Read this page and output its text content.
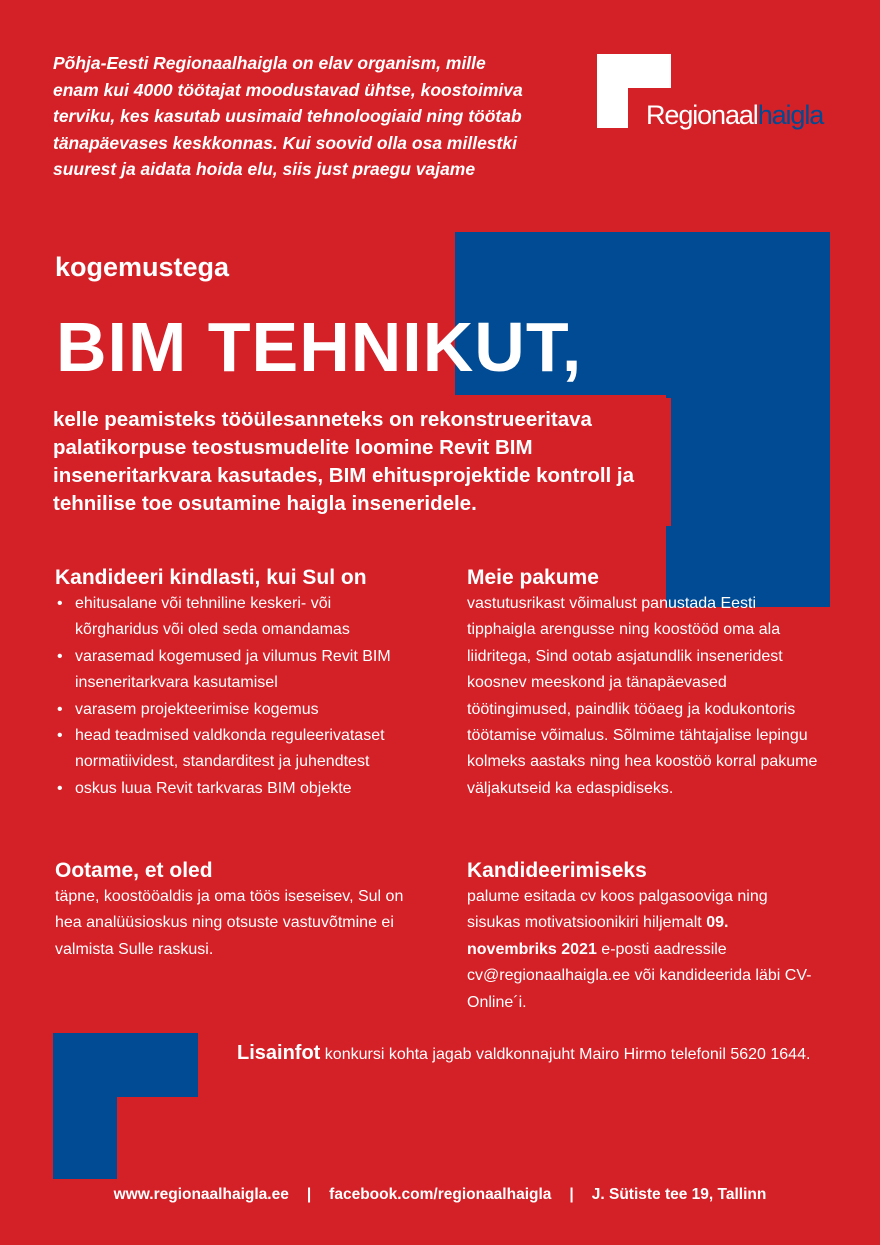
Põhja-Eesti Regionaalhaigla on elav organism, mille enam kui 4000 töötajat moodustavad ühtse, koostoimiva terviku, kes kasutab uusimaid tehnoloogiaid ning töötab tänapäevases keskkonnas. Kui soovid olla osa millestki suurest ja aidata hoida elu, siis just praegu vajame
Regionaalhaigla
kogemustega
BIM TEHNIKUT,
kelle peamisteks tööülesanneteks on rekonstrueeritava palatikorpuse teostusmudelite loomine Revit BIM inseneritarkvara kasutades, BIM ehitusprojektide kontroll ja tehnilise toe osutamine haigla inseneridele.
Kandideeri kindlasti, kui Sul on
• ehitusalane või tehniline keskeri- või kõrgharidus või oled seda omandamas
• varasemad kogemused ja vilumus Revit BIM inseneritarkvara kasutamisel
• varasem projekteerimise kogemus
• head teadmised valdkonda reguleerivataset normatiividest, standarditest ja juhendtest
• oskus luua Revit tarkvaras BIM objekte
Meie pakume

vastutusrikast võimalust panustada Eesti tipphaigla arengusse ning koostööd oma ala liidritega, Sind ootab asjatundlik inseneridest koosnev meeskond ja tänapäevased töötingimused, paindlik tööaeg ja kodukontoris töötamise võimalus. Sõlmime tähtajalise lepingu kolmeks aastaks ning hea koostöö korral pakume väljakutseid ka edaspidiseks.

Ootame, et oled

täpne, koostööaldis ja oma töös iseseisev, Sul on hea analüüsioskus ning otsuste vastuvõtmine ei valmista Sulle raskusi.

Kandideerimiseks

palume esitada cv koos palgasooviga ning sisukas motivatsioonikiri hiljemalt 09. novembriks 2021 e-posti aadressile cv@regionaalhaigla.ee või kandideerida läbi CV-Online´i.

Lisainfot konkursi kohta jagab valdkonnajuht Mairo Hirmo telefonil 5620 1644.
www.regionaalhaigla.ee | facebook.com/regionaalhaigla | J. Sütiste tee 19, Tallinn
